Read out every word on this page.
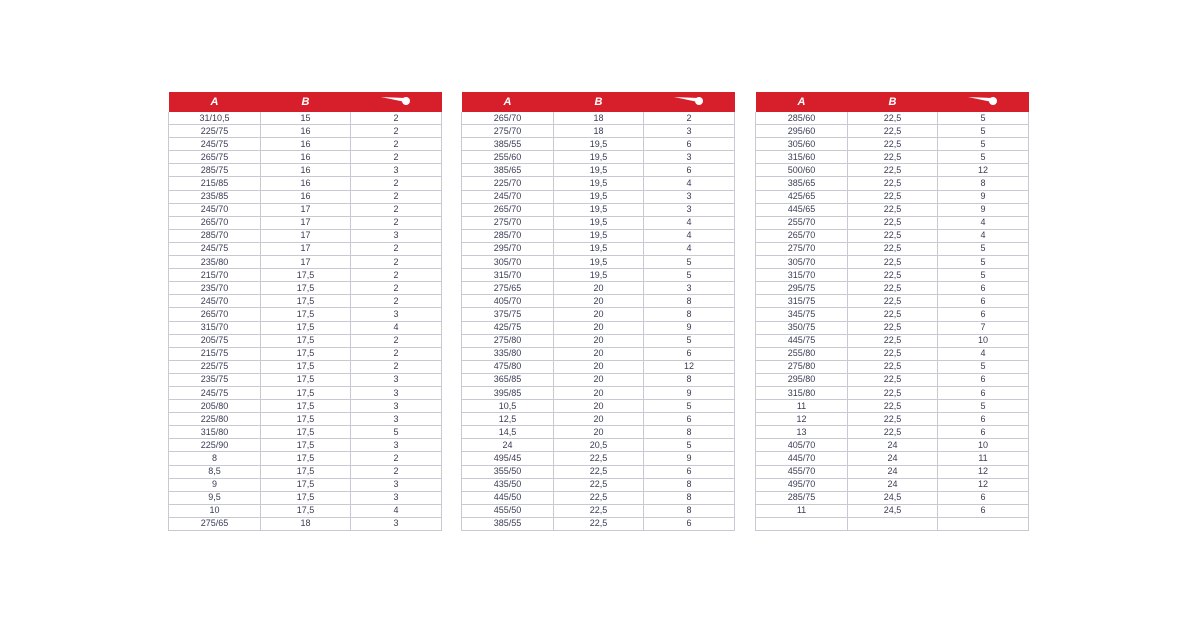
A	B	
31/10,5	15	2
225/75	16	2
245/75	16	2
265/75	16	2
285/75	16	3
215/85	16	2
235/85	16	2
245/70	17	2
265/70	17	2
285/70	17	3
245/75	17	2
235/80	17	2
215/70	17,5	2
235/70	17,5	2
245/70	17,5	2
265/70	17,5	3
315/70	17,5	4
205/75	17,5	2
215/75	17,5	2
225/75	17,5	2
235/75	17,5	3
245/75	17,5	3
205/80	17,5	3
225/80	17,5	3
315/80	17,5	5
225/90	17,5	3
8	17,5	2
8,5	17,5	2
9	17,5	3
9,5	17,5	3
10	17,5	4
275/65	18	3
A	B	
265/70	18	2
275/70	18	3
385/55	19,5	6
255/60	19,5	3
385/65	19,5	6
225/70	19,5	4
245/70	19,5	3
265/70	19,5	3
275/70	19,5	4
285/70	19,5	4
295/70	19,5	4
305/70	19,5	5
315/70	19,5	5
275/65	20	3
405/70	20	8
375/75	20	8
425/75	20	9
275/80	20	5
335/80	20	6
475/80	20	12
365/85	20	8
395/85	20	9
10,5	20	5
12,5	20	6
14,5	20	8
24	20,5	5
495/45	22,5	9
355/50	22,5	6
435/50	22,5	8
445/50	22,5	8
455/50	22,5	8
385/55	22,5	6
A	B	
285/60	22,5	5
295/60	22,5	5
305/60	22,5	5
315/60	22,5	5
500/60	22,5	12
385/65	22,5	8
425/65	22,5	9
445/65	22,5	9
255/70	22,5	4
265/70	22,5	4
275/70	22,5	5
305/70	22,5	5
315/70	22,5	5
295/75	22,5	6
315/75	22,5	6
345/75	22,5	6
350/75	22,5	7
445/75	22,5	10
255/80	22,5	4
275/80	22,5	5
295/80	22,5	6
315/80	22,5	6
11	22,5	5
12	22,5	6
13	22,5	6
405/70	24	10
445/70	24	11
455/70	24	12
495/70	24	12
285/75	24,5	6
11	24,5	6
